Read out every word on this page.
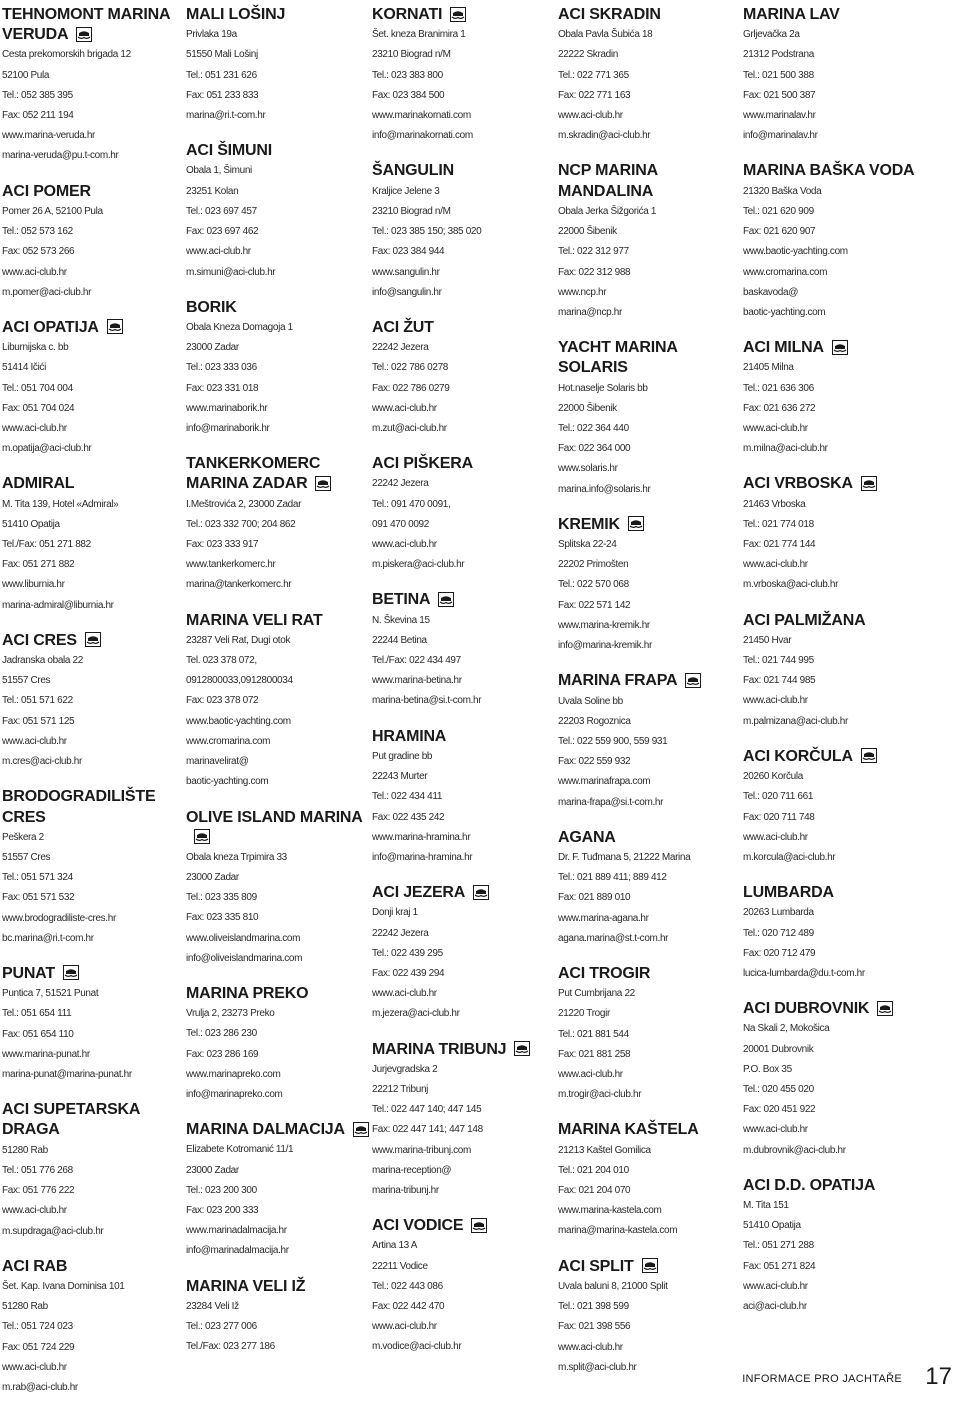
TEHNOMONT MARINA VERUDA
Cesta prekomorskih brigada 12
52100 Pula
Tel.: 052 385 395
Fax: 052 211 194
www.marina-veruda.hr
marina-veruda@pu.t-com.hr
ACI POMER
Pomer 26 A, 52100 Pula
Tel.: 052 573 162
Fax: 052 573 266
www.aci-club.hr
m.pomer@aci-club.hr
ACI OPATIJA
Liburnijska c. bb
51414 Ičići
Tel.: 051 704 004
Fax: 051 704 024
www.aci-club.hr
m.opatija@aci-club.hr
ADMIRAL
M. Tita 139, Hotel «Admiral»
51410 Opatija
Tel./Fax: 051 271 882
Fax: 051 271 882
www.liburnia.hr
marina-admiral@liburnia.hr
ACI CRES
Jadranska obala 22
51557 Cres
Tel.: 051 571 622
Fax: 051 571 125
www.aci-club.hr
m.cres@aci-club.hr
BRODOGRADILIŠTE CRES
Peškera 2
51557 Cres
Tel.: 051 571 324
Fax: 051 571 532
www.brodogradiliste-cres.hr
bc.marina@ri.t-com.hr
PUNAT
Puntica 7, 51521 Punat
Tel.: 051 654 111
Fax: 051 654 110
www.marina-punat.hr
marina-punat@marina-punat.hr
ACI SUPETARSKA DRAGA
51280 Rab
Tel.: 051 776 268
Fax: 051 776 222
www.aci-club.hr
m.supdraga@aci-club.hr
ACI RAB
Šet. Kap. Ivana Dominisa 101
51280 Rab
Tel.: 051 724 023
Fax: 051 724 229
www.aci-club.hr
m.rab@aci-club.hr
MALI LOŠINJ
Privlaka 19a
51550 Mali Lošinj
Tel.: 051 231 626
Fax: 051 233 833
marina@ri.t-com.hr
ACI ŠIMUNI
Obala 1, Šimuni
23251 Kolan
Tel.: 023 697 457
Fax: 023 697 462
www.aci-club.hr
m.simuni@aci-club.hr
BORIK
Obala Kneza Domagoja 1
23000 Zadar
Tel.: 023 333 036
Fax: 023 331 018
www.marinaborik.hr
info@marinaborik.hr
TANKERKOMERC MARINA ZADAR
I.Meštrovića 2, 23000 Zadar
Tel.: 023 332 700; 204 862
Fax: 023 333 917
www.tankerkomerc.hr
marina@tankerkomerc.hr
MARINA VELI RAT
23287 Veli Rat, Dugi otok
Tel. 023 378 072,
0912800033,0912800034
Fax: 023 378 072
www.baotic-yachting.com
www.cromarina.com
marinavelirat@
baotic-yachting.com
OLIVE ISLAND MARINA
Obala kneza Trpimira 33
23000 Zadar
Tel.: 023 335 809
Fax: 023 335 810
www.oliveislandmarina.com
info@oliveislandmarina.com
MARINA PREKO
Vrulja 2, 23273 Preko
Tel.: 023 286 230
Fax: 023 286 169
www.marinapreko.com
info@marinapreko.com
MARINA DALMACIJA
Elizabete Kotromanić 11/1
23000 Zadar
Tel.: 023 200 300
Fax: 023 200 333
www.marinadalmacija.hr
info@marinadalmacija.hr
MARINA VELI IŽ
23284 Veli Iž
Tel.: 023 277 006
Tel./Fax: 023 277 186
KORNATI
Šet. kneza Branimira 1
23210 Biograd n/M
Tel.: 023 383 800
Fax: 023 384 500
www.marinakornati.com
info@marinakornati.com
ŠANGULIN
Kraljice Jelene 3
23210 Biograd n/M
Tel.: 023 385 150; 385 020
Fax: 023 384 944
www.sangulin.hr
info@sangulin.hr
ACI ŽUT
22242 Jezera
Tel.: 022 786 0278
Fax: 022 786 0279
www.aci-club.hr
m.zut@aci-club.hr
ACI PIŠKERA
22242 Jezera
Tel.: 091 470 0091,
091 470 0092
www.aci-club.hr
m.piskera@aci-club.hr
BETINA
N. Škevina 15
22244 Betina
Tel./Fax: 022 434 497
www.marina-betina.hr
marina-betina@si.t-com.hr
HRAMINA
Put gradine bb
22243 Murter
Tel.: 022 434 411
Fax: 022 435 242
www.marina-hramina.hr
info@marina-hramina.hr
ACI JEZERA
Donji kraj 1
22242 Jezera
Tel.: 022 439 295
Fax: 022 439 294
www.aci-club.hr
m.jezera@aci-club.hr
MARINA TRIBUNJ
Jurjevgradska 2
22212 Tribunj
Tel.: 022 447 140; 447 145
Fax: 022 447 141; 447 148
www.marina-tribunj.com
marina-reception@
marina-tribunj.hr
ACI VODICE
Artina 13 A
22211 Vodice
Tel.: 022 443 086
Fax: 022 442 470
www.aci-club.hr
m.vodice@aci-club.hr
ACI SKRADIN
Obala Pavla Šubića 18
22222 Skradin
Tel.: 022 771 365
Fax: 022 771 163
www.aci-club.hr
m.skradin@aci-club.hr
NCP MARINA MANDALINA
Obala Jerka Šižgorića 1
22000 Šibenik
Tel.: 022 312 977
Fax: 022 312 988
www.ncp.hr
marina@ncp.hr
YACHT MARINA SOLARIS
Hot.naselje Solaris bb
22000 Šibenik
Tel.: 022 364 440
Fax: 022 364 000
www.solaris.hr
marina.info@solaris.hr
KREMIK
Splitska 22-24
22202 Primošten
Tel.: 022 570 068
Fax: 022 571 142
www.marina-kremik.hr
info@marina-kremik.hr
MARINA FRAPA
Uvala Soline bb
22203 Rogoznica
Tel.: 022 559 900, 559 931
Fax: 022 559 932
www.marinafrapa.com
marina-frapa@si.t-com.hr
AGANA
Dr. F. Tuđmana 5, 21222 Marina
Tel.: 021 889 411; 889 412
Fax: 021 889 010
www.marina-agana.hr
agana.marina@st.t-com.hr
ACI TROGIR
Put Cumbrijana 22
21220 Trogir
Tel.: 021 881 544
Fax: 021 881 258
www.aci-club.hr
m.trogir@aci-club.hr
MARINA KAŠTELA
21213 Kaštel Gomilica
Tel.: 021 204 010
Fax: 021 204 070
www.marina-kastela.com
marina@marina-kastela.com
ACI SPLIT
Uvala baluni 8, 21000 Split
Tel.: 021 398 599
Fax: 021 398 556
www.aci-club.hr
m.split@aci-club.hr
MARINA LAV
Grljevačka 2a
21312 Podstrana
Tel.: 021 500 388
Fax: 021 500 387
www.marinalav.hr
info@marinalav.hr
MARINA BAŠKA VODA
21320 Baška Voda
Tel.: 021 620 909
Fax: 021 620 907
www.baotic-yachting.com
www.cromarina.com
baskavoda@
baotic-yachting.com
ACI MILNA
21405 Milna
Tel.: 021 636 306
Fax: 021 636 272
www.aci-club.hr
m.milna@aci-club.hr
ACI VRBOSKA
21463 Vrboska
Tel.: 021 774 018
Fax: 021 774 144
www.aci-club.hr
m.vrboska@aci-club.hr
ACI PALMIŽANA
21450 Hvar
Tel.: 021 744 995
Fax: 021 744 985
www.aci-club.hr
m.palmizana@aci-club.hr
ACI KORČULA
20260 Korčula
Tel.: 020 711 661
Fax: 020 711 748
www.aci-club.hr
m.korcula@aci-club.hr
LUMBARDA
20263 Lumbarda
Tel.: 020 712 489
Fax: 020 712 479
lucica-lumbarda@du.t-com.hr
ACI DUBROVNIK
Na Skali 2, Mokošica
20001 Dubrovnik
P.O. Box 35
Tel.: 020 455 020
Fax: 020 451 922
www.aci-club.hr
m.dubrovnik@aci-club.hr
ACI D.D. OPATIJA
M. Tita 151
51410 Opatija
Tel.: 051 271 288
Fax: 051 271 824
www.aci-club.hr
aci@aci-club.hr
INFORMACE PRO JACHTAŘE 17
